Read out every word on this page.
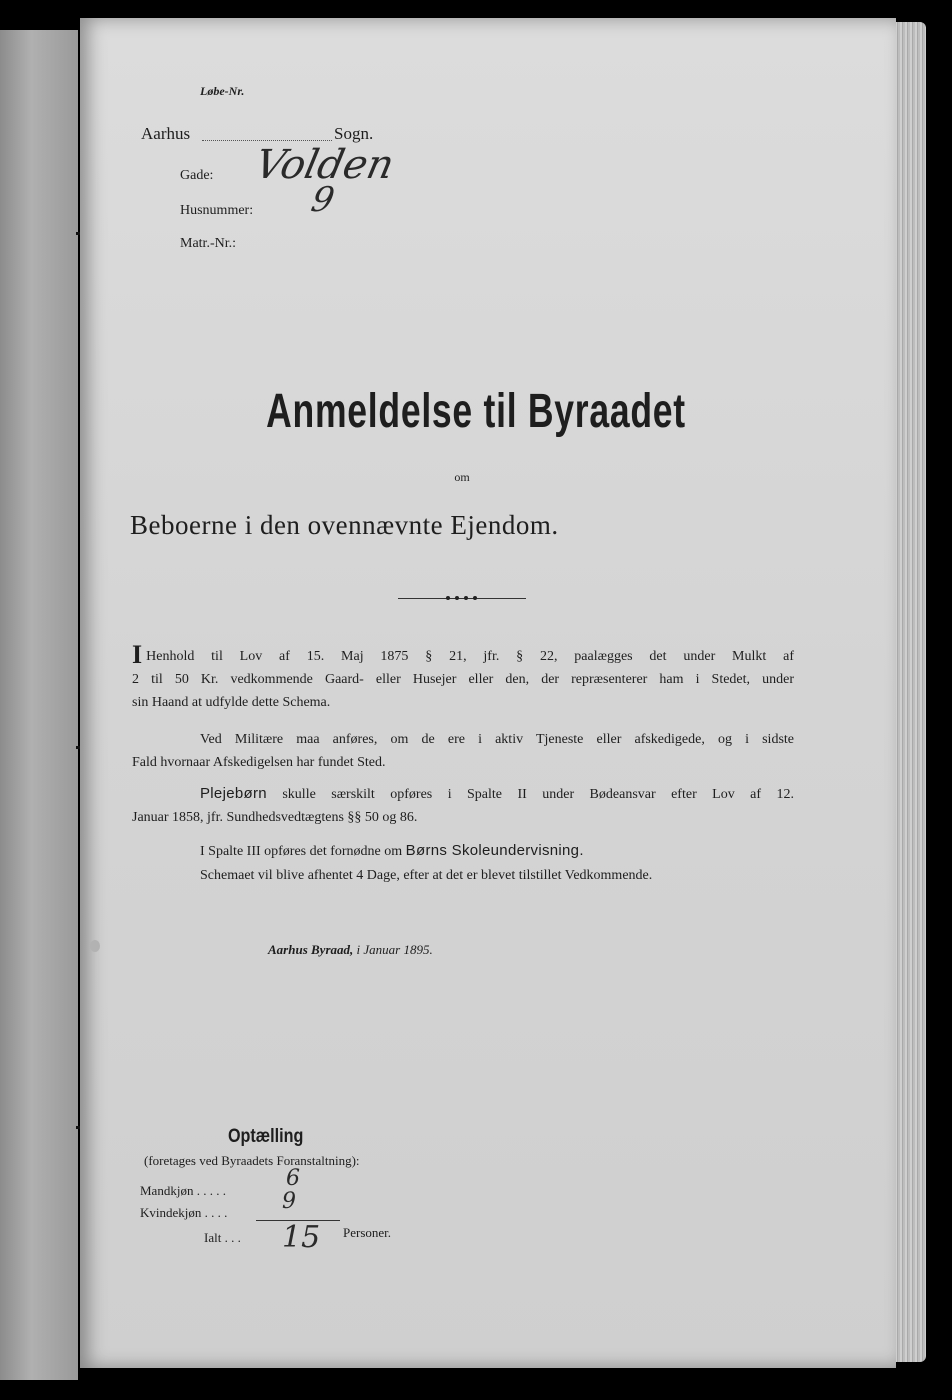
Løbe-Nr.
Aarhus	Sogn.
Gade: Volden
Husnummer: 9
Matr.-Nr.:
Anmeldelse til Byraadet
om
Beboerne i den ovennævnte Ejendom.
I Henhold til Lov af 15. Maj 1875 § 21, jfr. § 22, paalægges det under Mulkt af
2 til 50 Kr. vedkommende Gaard- eller Husejer eller den, der repræsenterer ham i Stedet, under
sin Haand at udfylde dette Schema.
Ved Militære maa anføres, om de ere i aktiv Tjeneste eller afskedigede, og i sidste
Fald hvornaar Afskedigelsen har fundet Sted.
Plejebørn skulle særskilt opføres i Spalte II under Bødeansvar efter Lov af 12.
Januar 1858, jfr. Sundhedsvedtægtens §§ 50 og 86.
I Spalte III opføres det fornødne om Børns Skoleundervisning.
Schemaet vil blive afhentet 4 Dage, efter at det er blevet tilstillet Vedkommende.
Aarhus Byraad, i Januar 1895.
Optælling
(foretages ved Byraadets Foranstaltning):
Mandkjøn . . . . .	6
Kvindekjøn . . . . 9
Ialt . . . 15 Personer.
